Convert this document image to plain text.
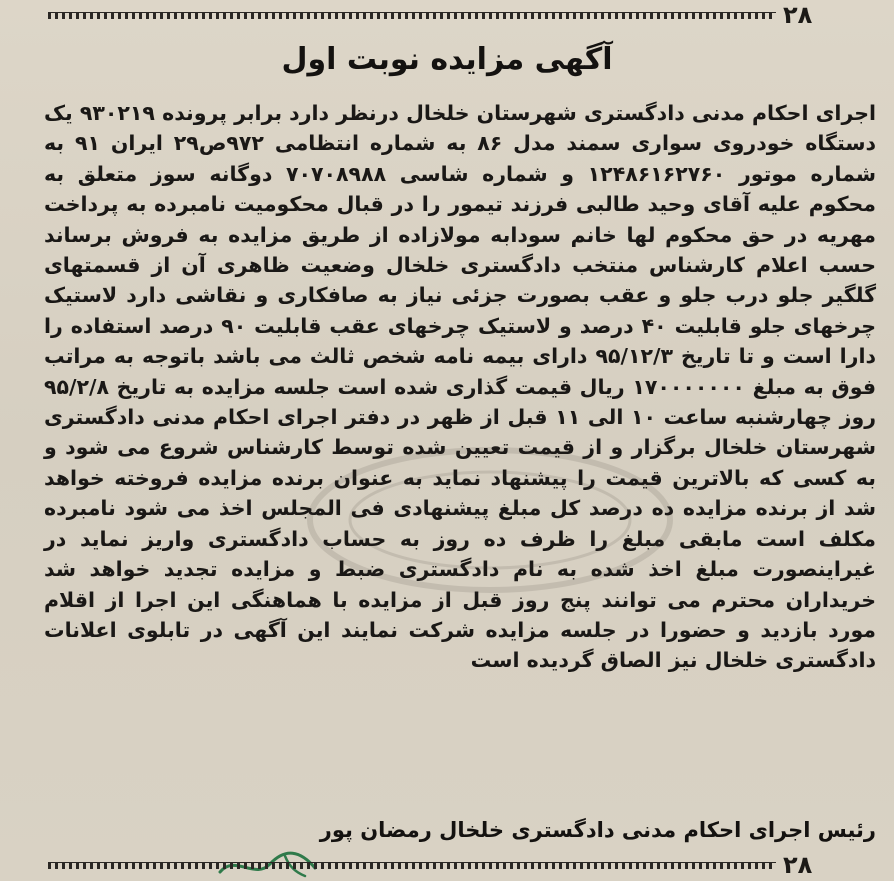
۲۸
آگهی مزایده نوبت اول
اجرای احکام مدنی دادگستری شهرستان خلخال درنظر دارد برابر پرونده ۹۳۰۲۱۹ یک دستگاه خودروی سواری سمند مدل ۸۶ به شماره انتظامی ۹۷۲ص۲۹ ایران ۹۱ به شماره موتور ۱۲۴۸۶۱۶۲۷۶۰ و شماره شاسی ۷۰۷۰۸۹۸۸ دوگانه سوز متعلق به محکوم علیه آقای وحید طالبی فرزند تیمور را در قبال محکومیت نامبرده به پرداخت مهریه در حق محکوم لها خانم سودابه مولازاده از طریق مزایده به فروش برساند حسب اعلام کارشناس منتخب دادگستری خلخال وضعیت ظاهری آن از قسمتهای گلگیر جلو درب جلو و عقب بصورت جزئی نیاز به صافکاری و نقاشی دارد لاستیک چرخهای جلو قابلیت ۴۰ درصد و لاستیک چرخهای عقب قابلیت ۹۰ درصد استفاده را دارا است و تا تاریخ ۹۵/۱۲/۳ دارای بیمه نامه شخص ثالث می باشد باتوجه به مراتب فوق به مبلغ ۱۷۰۰۰۰۰۰۰ ریال قیمت گذاری شده است جلسه مزایده به تاریخ ۹۵/۲/۸ روز چهارشنبه ساعت ۱۰ الی ۱۱ قبل از ظهر در دفتر اجرای احکام مدنی دادگستری شهرستان خلخال برگزار و از قیمت تعیین شده توسط کارشناس شروع می شود و به کسی که بالاترین قیمت را پیشنهاد نماید به عنوان برنده مزایده فروخته خواهد شد از برنده مزایده ده درصد کل مبلغ پیشنهادی فی المجلس اخذ می شود نامبرده مکلف است مابقی مبلغ را ظرف ده روز به حساب دادگستری واریز نماید در غیراینصورت مبلغ اخذ شده به نام دادگستری ضبط و مزایده تجدید خواهد شد خریداران محترم می توانند پنج روز قبل از مزایده با هماهنگی این اجرا از اقلام مورد بازدید و حضورا در جلسه مزایده شرکت نمایند این آگهی در تابلوی اعلانات دادگستری خلخال نیز الصاق گردیده است
رئیس اجرای احکام مدنی دادگستری خلخال رمضان پور
۲۸
